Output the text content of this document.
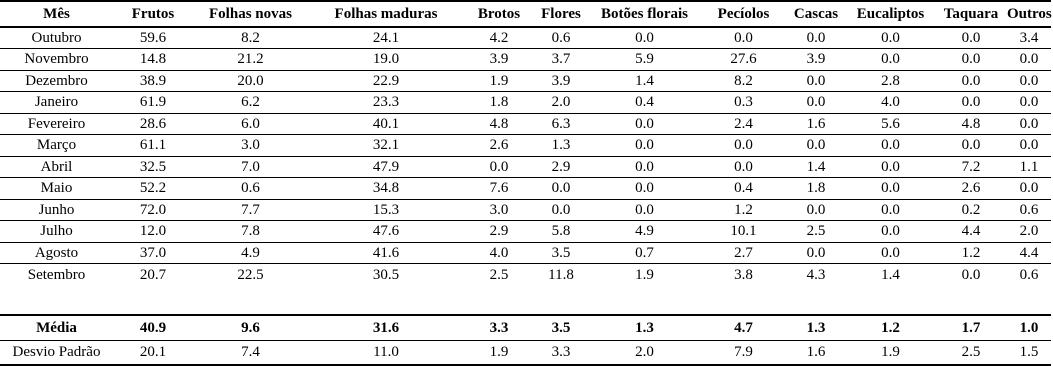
Mês	Frutos	Folhas novas	Folhas maduras	Brotos	Flores	Botões florais	Pecíolos	Cascas	Eucaliptos	Taquara	Outros
Outubro	59.6	8.2	24.1	4.2	0.6	0.0	0.0	0.0	0.0	0.0	3.4
Novembro	14.8	21.2	19.0	3.9	3.7	5.9	27.6	3.9	0.0	0.0	0.0
Dezembro	38.9	20.0	22.9	1.9	3.9	1.4	8.2	0.0	2.8	0.0	0.0
Janeiro	61.9	6.2	23.3	1.8	2.0	0.4	0.3	0.0	4.0	0.0	0.0
Fevereiro	28.6	6.0	40.1	4.8	6.3	0.0	2.4	1.6	5.6	4.8	0.0
Março	61.1	3.0	32.1	2.6	1.3	0.0	0.0	0.0	0.0	0.0	0.0
Abril	32.5	7.0	47.9	0.0	2.9	0.0	0.0	1.4	0.0	7.2	1.1
Maio	52.2	0.6	34.8	7.6	0.0	0.0	0.4	1.8	0.0	2.6	0.0
Junho	72.0	7.7	15.3	3.0	0.0	0.0	1.2	0.0	0.0	0.2	0.6
Julho	12.0	7.8	47.6	2.9	5.8	4.9	10.1	2.5	0.0	4.4	2.0
Agosto	37.0	4.9	41.6	4.0	3.5	0.7	2.7	0.0	0.0	1.2	4.4
Setembro	20.7	22.5	30.5	2.5	11.8	1.9	3.8	4.3	1.4	0.0	0.6

Média	40.9	9.6	31.6	3.3	3.5	1.3	4.7	1.3	1.2	1.7	1.0
Desvio Padrão	20.1	7.4	11.0	1.9	3.3	2.0	7.9	1.6	1.9	2.5	1.5
